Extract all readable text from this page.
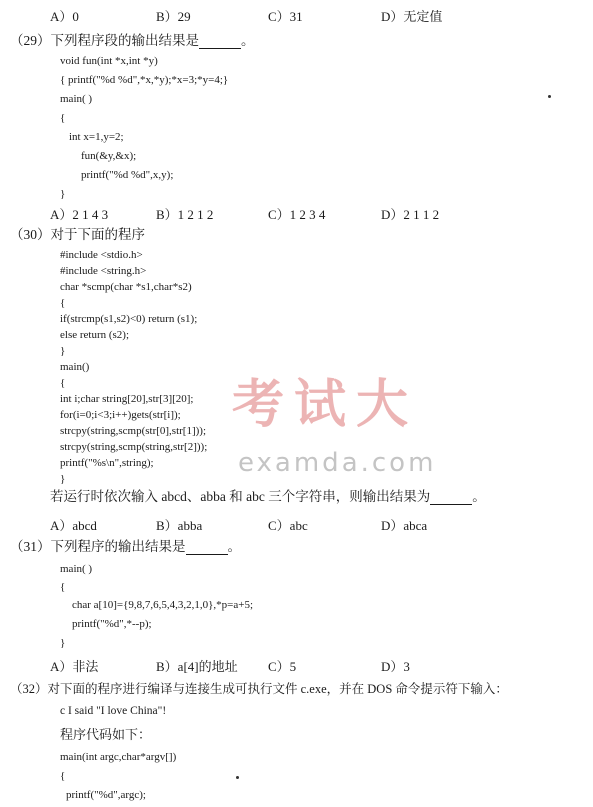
A）0	B）29	C）31	D）无定值
（29）下列程序段的输出结果是	。
void fun(int *x,int *y)
{ printf("%d %d",*x,*y);*x=3;*y=4;}
main( )
{
int x=1,y=2;
fun(&y,&x);
printf("%d %d",x,y);
}
A）2 1 4 3	B）1 2 1 2	C）1 2 3 4	D）2 1 1 2
（30）对于下面的程序
#include <stdio.h>
#include <string.h>
char *scmp(char *s1,char*s2)
{
if(strcmp(s1,s2)<0) return (s1);
else return (s2);
}
main()
{
int i;char string[20],str[3][20];
for(i=0;i<3;i++)gets(str[i]);
strcpy(string,scmp(str[0],str[1]));
strcpy(string,scmp(string,str[2]));
printf("%s\n",string);
}
若运行时依次输入 abcd、abba 和 abc 三个字符串，则输出结果为	。
A）abcd	B）abba	C）abc	D）abca
（31）下列程序的输出结果是	。
main( )
{
char a[10]={9,8,7,6,5,4,3,2,1,0},*p=a+5;
printf("%d",*--p);
}
A）非法	B）a[4]的地址 C）5	D）3
（32）对下面的程序进行编译与连接生成可执行文件 c.exe，并在 DOS 命令提示符下输入：
c I said "I love China"!
程序代码如下：
main(int argc,char*argv[])
{
printf("%d",argc);
考试大
examda.com
